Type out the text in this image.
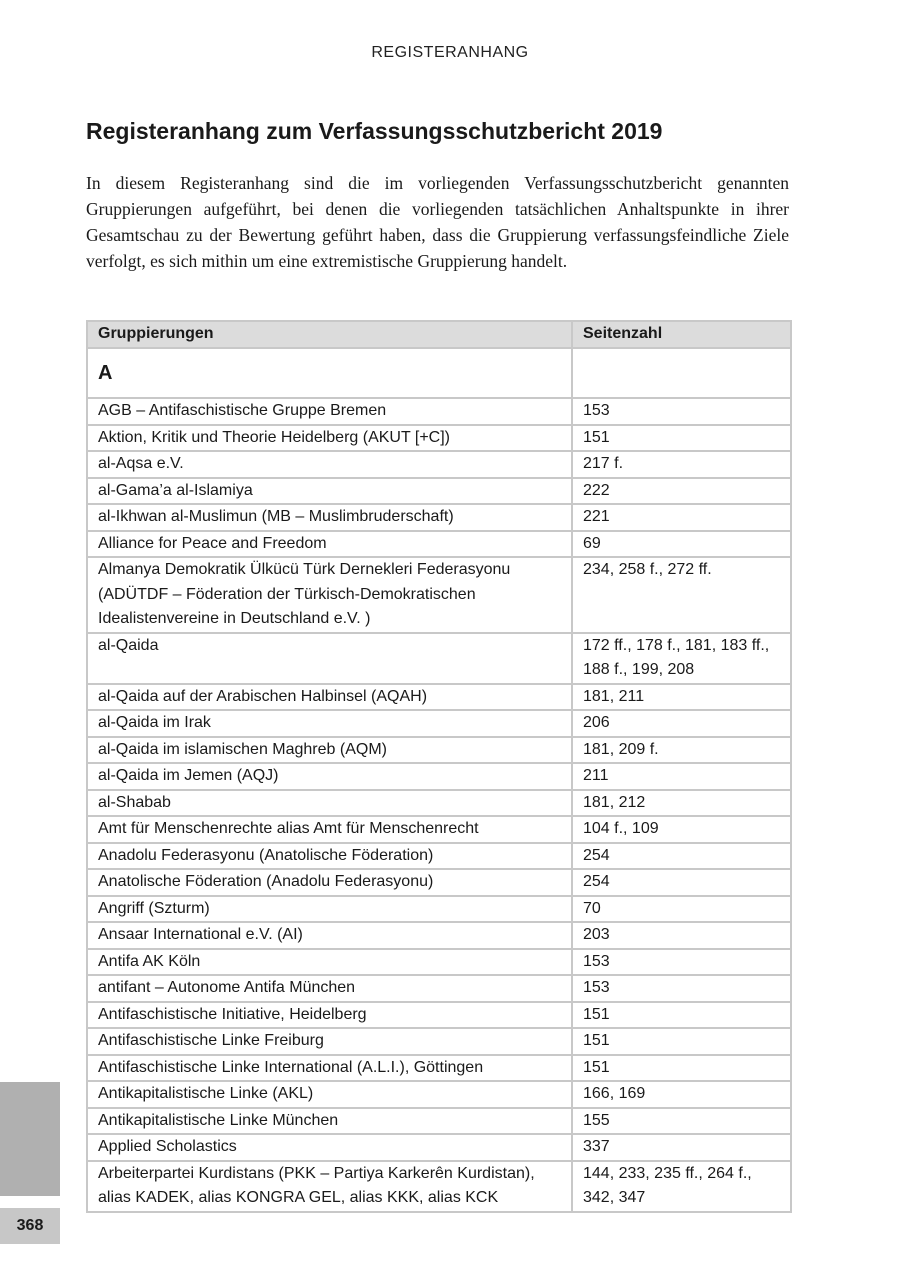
REGISTERANHANG
Registeranhang zum Verfassungsschutzbericht 2019

In diesem Registeranhang sind die im vorliegenden Verfassungsschutzbericht genannten Gruppierungen aufgeführt, bei denen die vorliegenden tatsächlichen Anhaltspunkte in ihrer Gesamtschau zu der Bewertung geführt haben, dass die Gruppierung verfassungsfeindliche Ziele verfolgt, es sich mithin um eine extremistische Gruppierung handelt.

Gruppierungen	Seitenzahl
A	
AGB – Antifaschistische Gruppe Bremen	153
Aktion, Kritik und Theorie Heidelberg (AKUT [+C])	151
al-Aqsa e.V.	217 f.
al-Gama’a al-Islamiya	222
al-Ikhwan al-Muslimun (MB – Muslimbruderschaft)	221
Alliance for Peace and Freedom	69
Almanya Demokratik Ülkücü Türk Dernekleri Federasyonu (ADÜTDF – Föderation der Türkisch-Demokratischen Idealistenvereine in Deutschland e.V. )	234, 258 f., 272 ff.
al-Qaida	172 ff., 178 f., 181, 183 ff., 188 f., 199, 208
al-Qaida auf der Arabischen Halbinsel (AQAH)	181, 211
al-Qaida im Irak	206
al-Qaida im islamischen Maghreb (AQM)	181, 209 f.
al-Qaida im Jemen (AQJ)	211
al-Shabab	181, 212
Amt für Menschenrechte alias Amt für Menschenrecht	104 f., 109
Anadolu Federasyonu (Anatolische Föderation)	254
Anatolische Föderation (Anadolu Federasyonu)	254
Angriff (Szturm)	70
Ansaar International e.V. (AI)	203
Antifa AK Köln	153
antifant – Autonome Antifa München	153
Antifaschistische Initiative, Heidelberg	151
Antifaschistische Linke Freiburg	151
Antifaschistische Linke International (A.L.I.), Göttingen	151
Antikapitalistische Linke (AKL)	166, 169
Antikapitalistische Linke München	155
Applied Scholastics	337
Arbeiterpartei Kurdistans (PKK – Partiya Karkerên Kurdistan), alias KADEK, alias KONGRA GEL, alias KKK, alias KCK	144, 233, 235 ff., 264 f., 342, 347
368
